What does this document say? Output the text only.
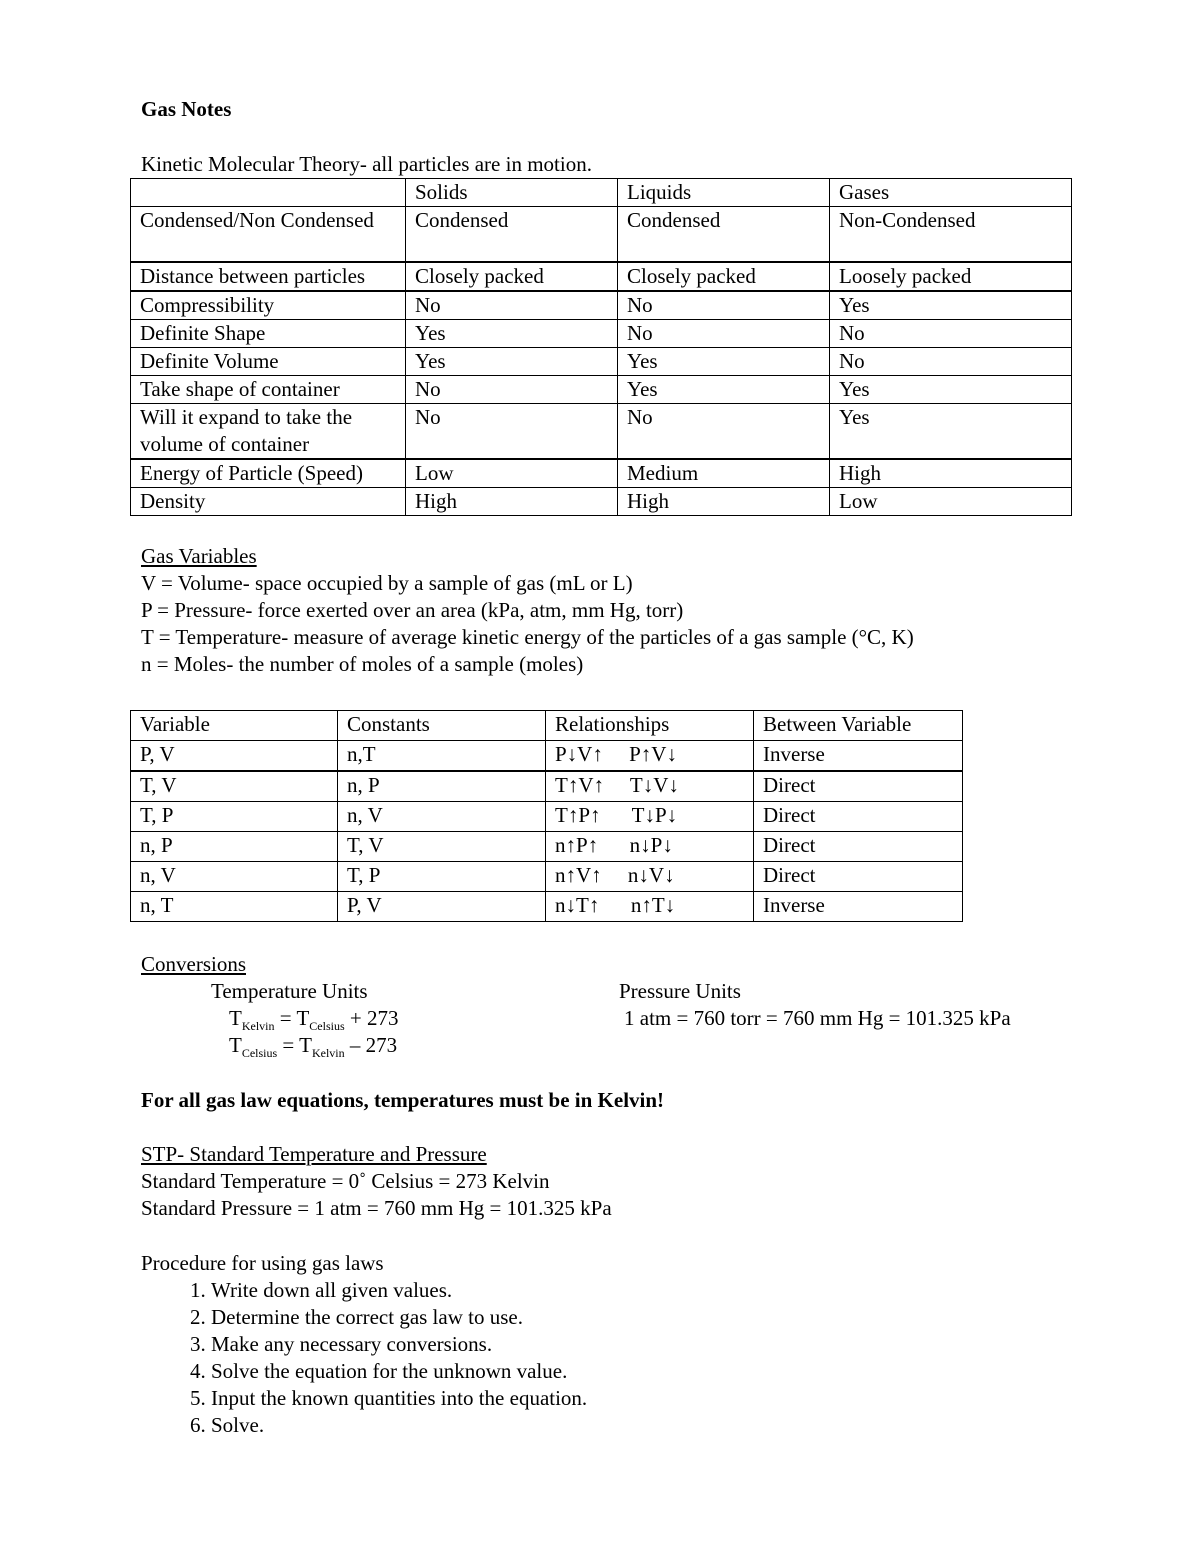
Gas Notes
Kinetic Molecular Theory- all particles are in motion.
	Solids	Liquids	Gases
Condensed/Non Condensed	Condensed	Condensed	Non-Condensed
Distance between particles	Closely packed	Closely packed	Loosely packed
Compressibility	No	No	Yes
Definite Shape	Yes	No	No
Definite Volume	Yes	Yes	No
Take shape of container	No	Yes	Yes
Will it expand to take the volume of container	No	No	Yes
Energy of Particle (Speed)	Low	Medium	High
Density	High	High	Low
Gas Variables
V = Volume- space occupied by a sample of gas (mL or L)
P = Pressure- force exerted over an area (kPa, atm, mm Hg, torr)
T = Temperature- measure of average kinetic energy of the particles of a gas sample (°C, K)
n = Moles- the number of moles of a sample (moles)
Variable	Constants	Relationships	Between Variable
P, V	n,T	P↓V↑     P↑V↓	Inverse
T, V	n, P	T↑V↑     T↓V↓	Direct
T, P	n, V	T↑P↑      T↓P↓	Direct
n, P	T, V	n↑P↑      n↓P↓	Direct
n, V	T, P	n↑V↑     n↓V↓	Direct
n, T	P, V	n↓T↑      n↑T↓	Inverse
Conversions
Temperature Units	Pressure Units
1 atm = 760 torr = 760 mm Hg = 101.325 kPa
$T_{Kelvin} = T_{Celsius} + 273$
$T_{Celsius} = T_{Kelvin} - 273$
For all gas law equations, temperatures must be in Kelvin!
STP- Standard Temperature and Pressure
Standard Temperature = 0˚ Celsius = 273 Kelvin
Standard Pressure = 1 atm = 760 mm Hg = 101.325 kPa
Procedure for using gas laws
1. Write down all given values.
2. Determine the correct gas law to use.
3. Make any necessary conversions.
4. Solve the equation for the unknown value.
5. Input the known quantities into the equation.
6. Solve.
